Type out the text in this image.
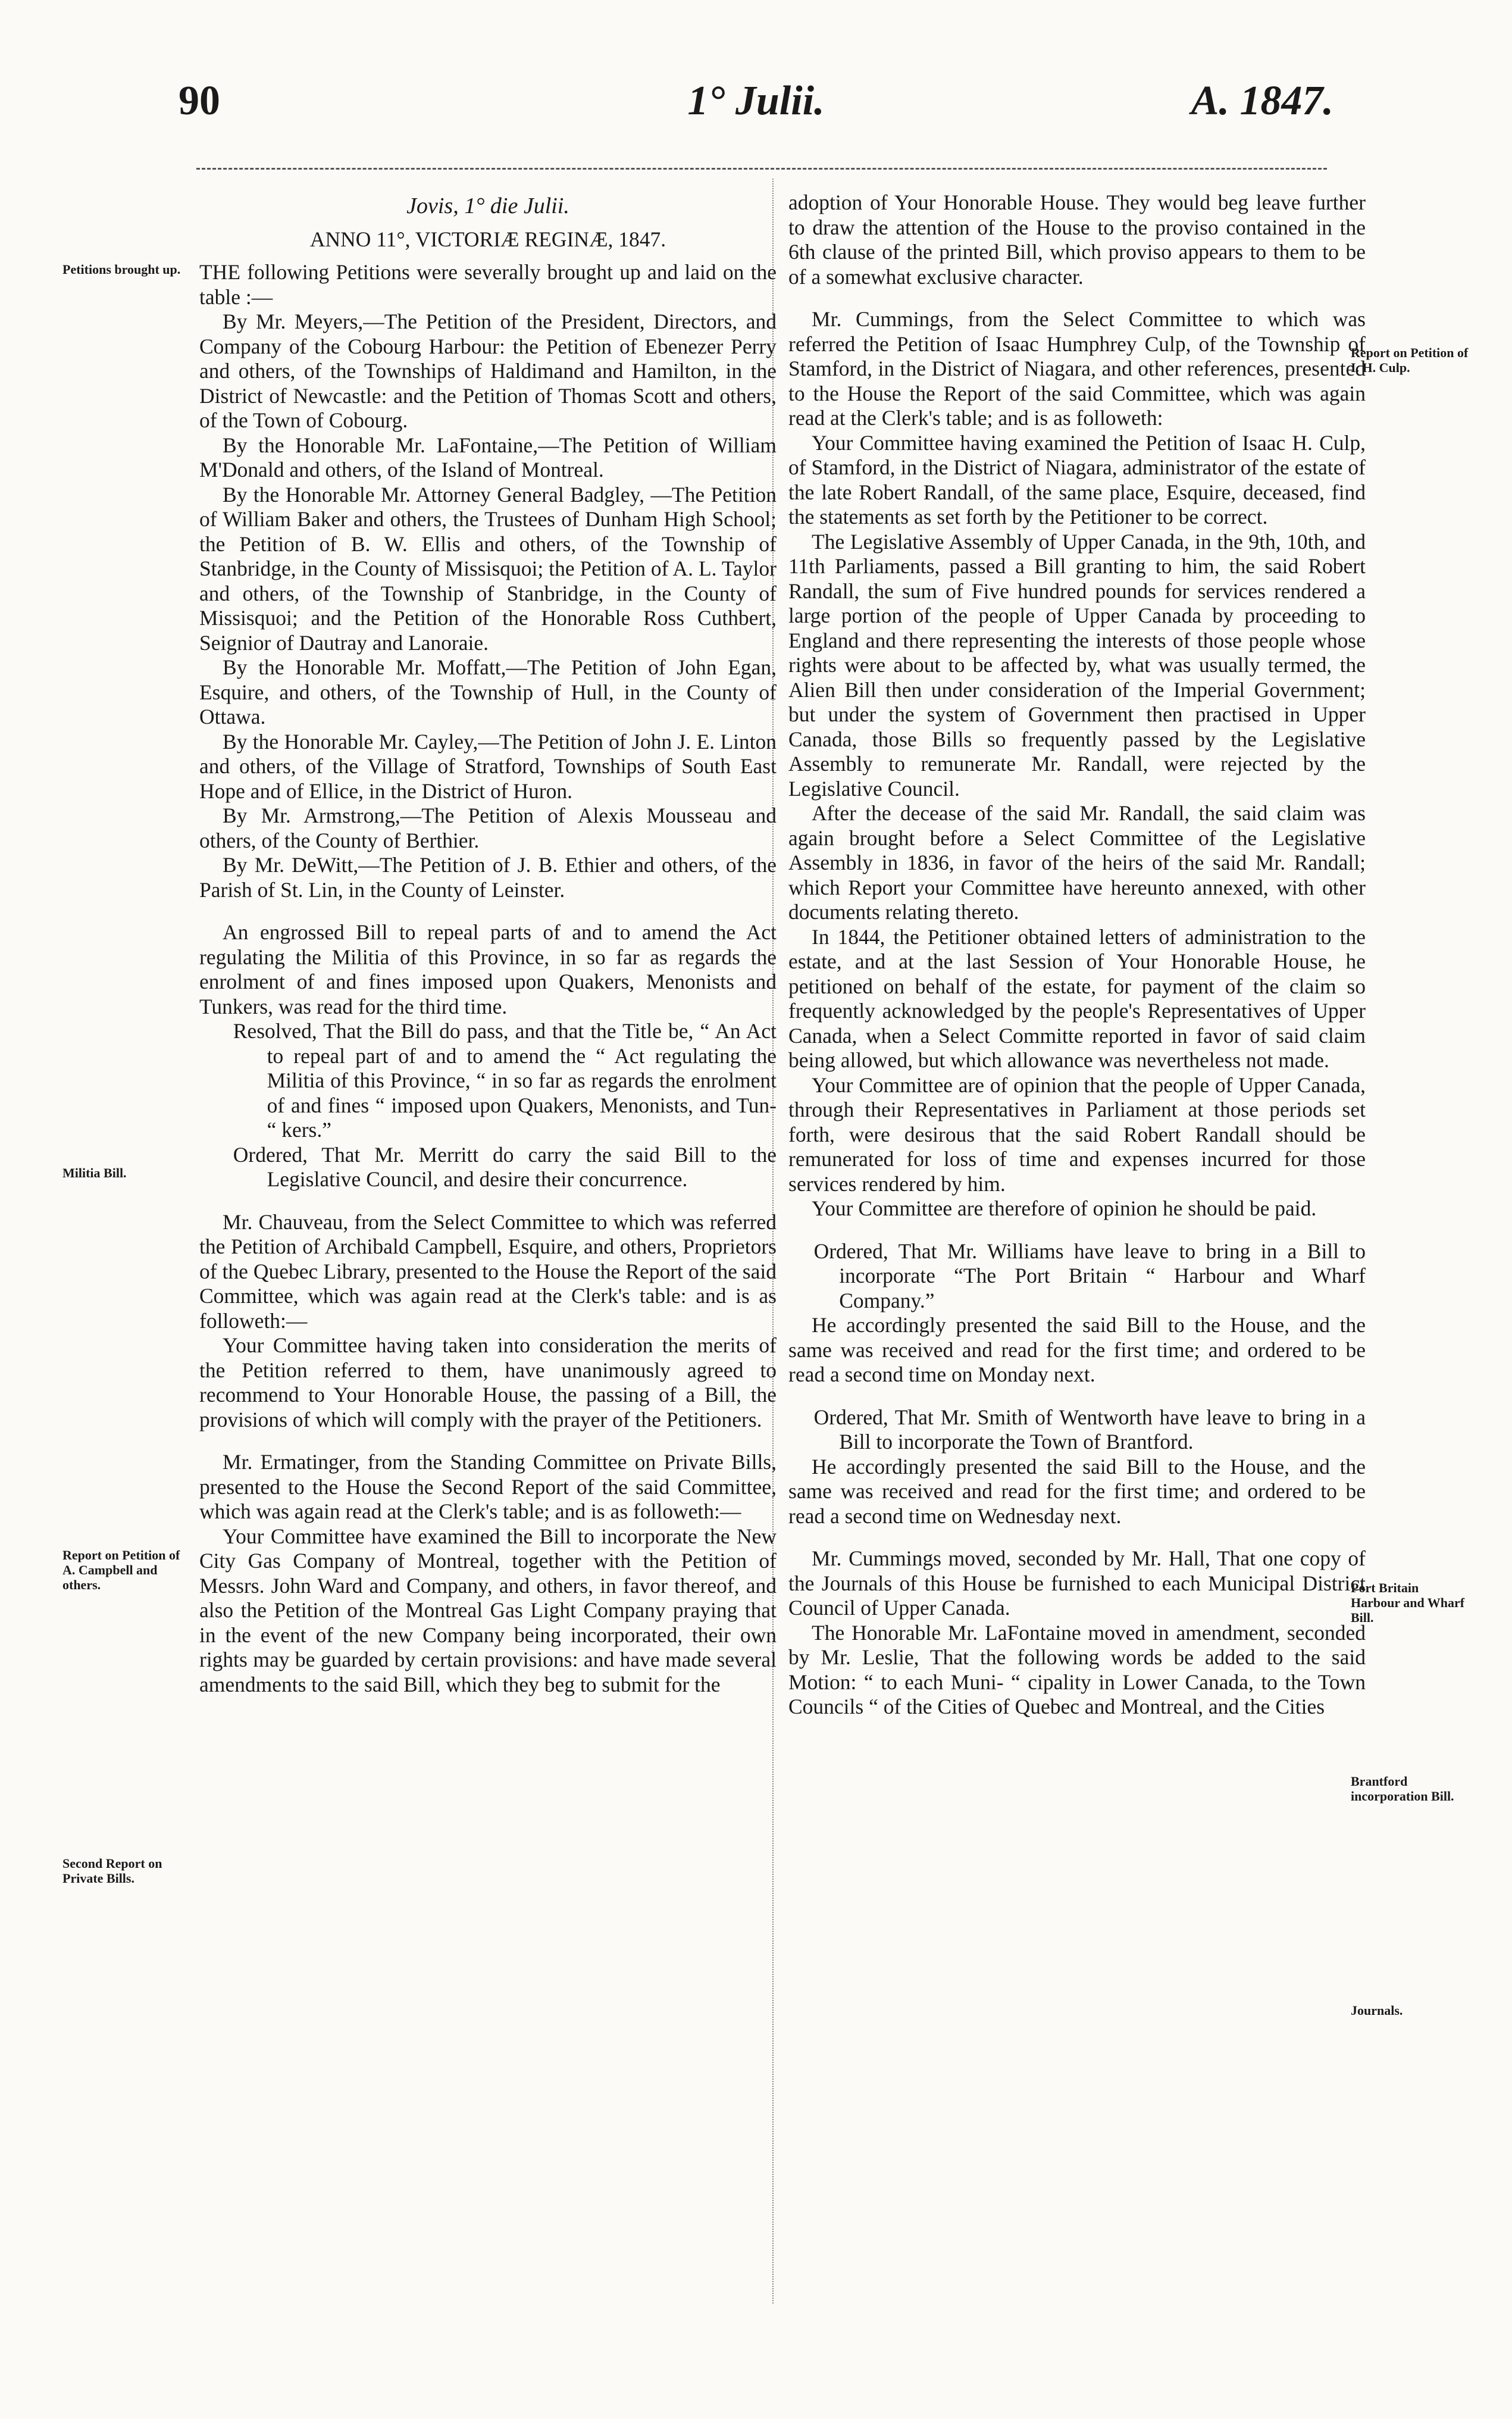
90	1° Julii.	A. 1847.
Petitions brought up.
Militia Bill.
Report on Petition of A. Campbell and others.
Second Report on Private Bills.
Report on Petition of I. H. Culp.
Port Britain Harbour and Wharf Bill.
Brantford incorporation Bill.
Journals.

Jovis, 1° die Julii.

ANNO 11°, VICTORIÆ REGINÆ, 1847.

THE following Petitions were severally brought up and laid on the table :—

By Mr. Meyers,—The Petition of the President, Directors, and Company of the Cobourg Harbour: the Petition of Ebenezer Perry and others, of the Townships of Haldimand and Hamilton, in the District of Newcastle: and the Petition of Thomas Scott and others, of the Town of Cobourg.

By the Honorable Mr. LaFontaine,—The Petition of William M'Donald and others, of the Island of Montreal.

By the Honorable Mr. Attorney General Badgley, —The Petition of William Baker and others, the Trustees of Dunham High School; the Petition of B. W. Ellis and others, of the Township of Stanbridge, in the County of Missisquoi; the Petition of A. L. Taylor and others, of the Township of Stanbridge, in the County of Missisquoi; and the Petition of the Honorable Ross Cuthbert, Seignior of Dautray and Lanoraie.

By the Honorable Mr. Moffatt,—The Petition of John Egan, Esquire, and others, of the Township of Hull, in the County of Ottawa.

By the Honorable Mr. Cayley,—The Petition of John J. E. Linton and others, of the Village of Stratford, Townships of South East Hope and of Ellice, in the District of Huron.

By Mr. Armstrong,—The Petition of Alexis Mousseau and others, of the County of Berthier.

By Mr. DeWitt,—The Petition of J. B. Ethier and others, of the Parish of St. Lin, in the County of Leinster.

An engrossed Bill to repeal parts of and to amend the Act regulating the Militia of this Province, in so far as regards the enrolment of and fines imposed upon Quakers, Menonists and Tunkers, was read for the third time.

Resolved, That the Bill do pass, and that the Title be, “ An Act to repeal part of and to amend the “ Act regulating the Militia of this Province, “ in so far as regards the enrolment of and fines “ imposed upon Quakers, Menonists, and Tun- “ kers.”

Ordered, That Mr. Merritt do carry the said Bill to the Legislative Council, and desire their concurrence.

Mr. Chauveau, from the Select Committee to which was referred the Petition of Archibald Campbell, Esquire, and others, Proprietors of the Quebec Library, presented to the House the Report of the said Committee, which was again read at the Clerk's table: and is as followeth:—

Your Committee having taken into consideration the merits of the Petition referred to them, have unanimously agreed to recommend to Your Honorable House, the passing of a Bill, the provisions of which will comply with the prayer of the Petitioners.

Mr. Ermatinger, from the Standing Committee on Private Bills, presented to the House the Second Report of the said Committee, which was again read at the Clerk's table; and is as followeth:—

Your Committee have examined the Bill to incorporate the New City Gas Company of Montreal, together with the Petition of Messrs. John Ward and Company, and others, in favor thereof, and also the Petition of the Montreal Gas Light Company praying that in the event of the new Company being incorporated, their own rights may be guarded by certain provisions: and have made several amendments to the said Bill, which they beg to submit for the

adoption of Your Honorable House. They would beg leave further to draw the attention of the House to the proviso contained in the 6th clause of the printed Bill, which proviso appears to them to be of a somewhat exclusive character.

Mr. Cummings, from the Select Committee to which was referred the Petition of Isaac Humphrey Culp, of the Township of Stamford, in the District of Niagara, and other references, presented to the House the Report of the said Committee, which was again read at the Clerk's table; and is as followeth:

Your Committee having examined the Petition of Isaac H. Culp, of Stamford, in the District of Niagara, administrator of the estate of the late Robert Randall, of the same place, Esquire, deceased, find the statements as set forth by the Petitioner to be correct.

The Legislative Assembly of Upper Canada, in the 9th, 10th, and 11th Parliaments, passed a Bill granting to him, the said Robert Randall, the sum of Five hundred pounds for services rendered a large portion of the people of Upper Canada by proceeding to England and there representing the interests of those people whose rights were about to be affected by, what was usually termed, the Alien Bill then under consideration of the Imperial Government; but under the system of Government then practised in Upper Canada, those Bills so frequently passed by the Legislative Assembly to remunerate Mr. Randall, were rejected by the Legislative Council.

After the decease of the said Mr. Randall, the said claim was again brought before a Select Committee of the Legislative Assembly in 1836, in favor of the heirs of the said Mr. Randall; which Report your Committee have hereunto annexed, with other documents relating thereto.

In 1844, the Petitioner obtained letters of administration to the estate, and at the last Session of Your Honorable House, he petitioned on behalf of the estate, for payment of the claim so frequently acknowledged by the people's Representatives of Upper Canada, when a Select Committe reported in favor of said claim being allowed, but which allowance was nevertheless not made.

Your Committee are of opinion that the people of Upper Canada, through their Representatives in Parliament at those periods set forth, were desirous that the said Robert Randall should be remunerated for loss of time and expenses incurred for those services rendered by him.

Your Committee are therefore of opinion he should be paid.

Ordered, That Mr. Williams have leave to bring in a Bill to incorporate “The Port Britain “ Harbour and Wharf Company.”

He accordingly presented the said Bill to the House, and the same was received and read for the first time; and ordered to be read a second time on Monday next.

Ordered, That Mr. Smith of Wentworth have leave to bring in a Bill to incorporate the Town of Brantford.

He accordingly presented the said Bill to the House, and the same was received and read for the first time; and ordered to be read a second time on Wednesday next.

Mr. Cummings moved, seconded by Mr. Hall, That one copy of the Journals of this House be furnished to each Municipal District Council of Upper Canada.

The Honorable Mr. LaFontaine moved in amendment, seconded by Mr. Leslie, That the following words be added to the said Motion: “ to each Muni- “ cipality in Lower Canada, to the Town Councils “ of the Cities of Quebec and Montreal, and the Cities
